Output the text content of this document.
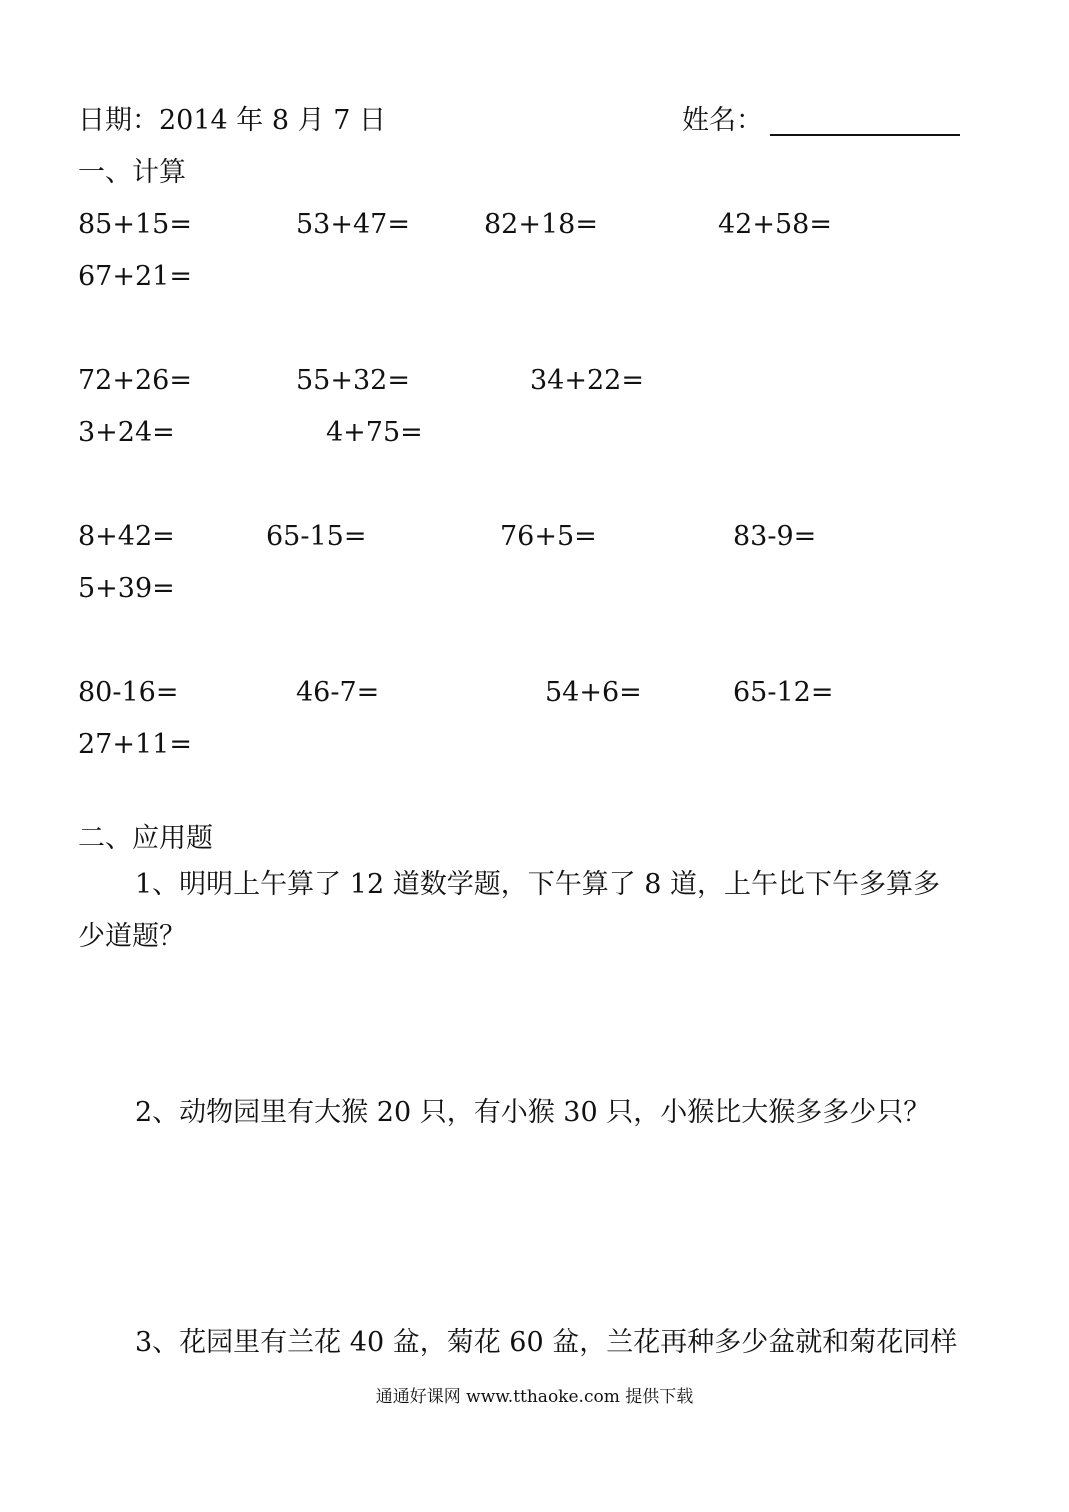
日期：2014 年 8 月 7 日	姓名：
一、计算
85+15=	53+47=	82+18=	42+58=
67+21=
72+26=	55+32=	34+22=
3+24=	4+75=
8+42=	65-15=	76+5=	83-9=
5+39=
80-16=	46-7=	54+6=	65-12=
27+11=
二、应用题
1、明明上午算了 12 道数学题，下午算了 8 道，上午比下午多算多
少道题？
2、动物园里有大猴 20 只，有小猴 30 只，小猴比大猴多多少只？
3、花园里有兰花 40 盆，菊花 60 盆，兰花再种多少盆就和菊花同样
通通好课网 www.tthaoke.com 提供下载
